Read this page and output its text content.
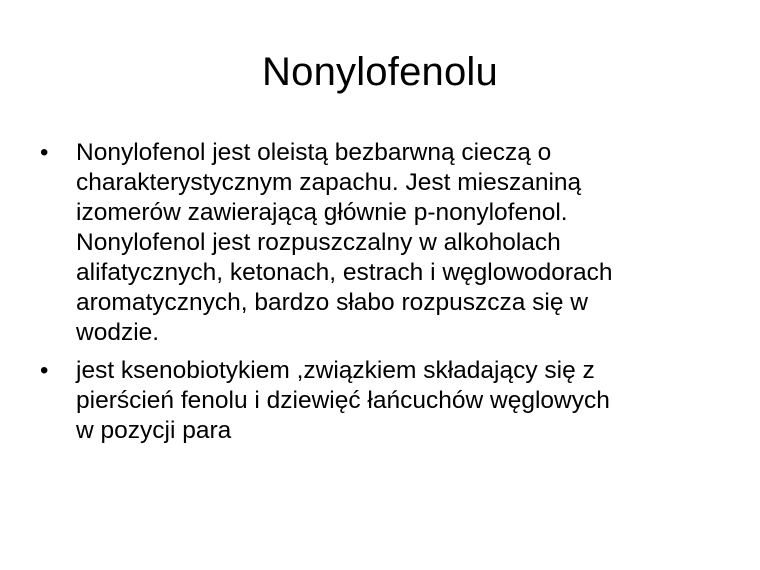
Nonylofenolu
• Nonylofenol jest oleistą bezbarwną cieczą o
charakterystycznym zapachu. Jest mieszaniną
izomerów zawierającą głównie p-nonylofenol.
Nonylofenol jest rozpuszczalny w alkoholach
alifatycznych, ketonach, estrach i węglowodorach
aromatycznych, bardzo słabo rozpuszcza się w
wodzie.
• jest ksenobiotykiem ,związkiem składający się z
pierścień fenolu i dziewięć łańcuchów węglowych
w pozycji para
